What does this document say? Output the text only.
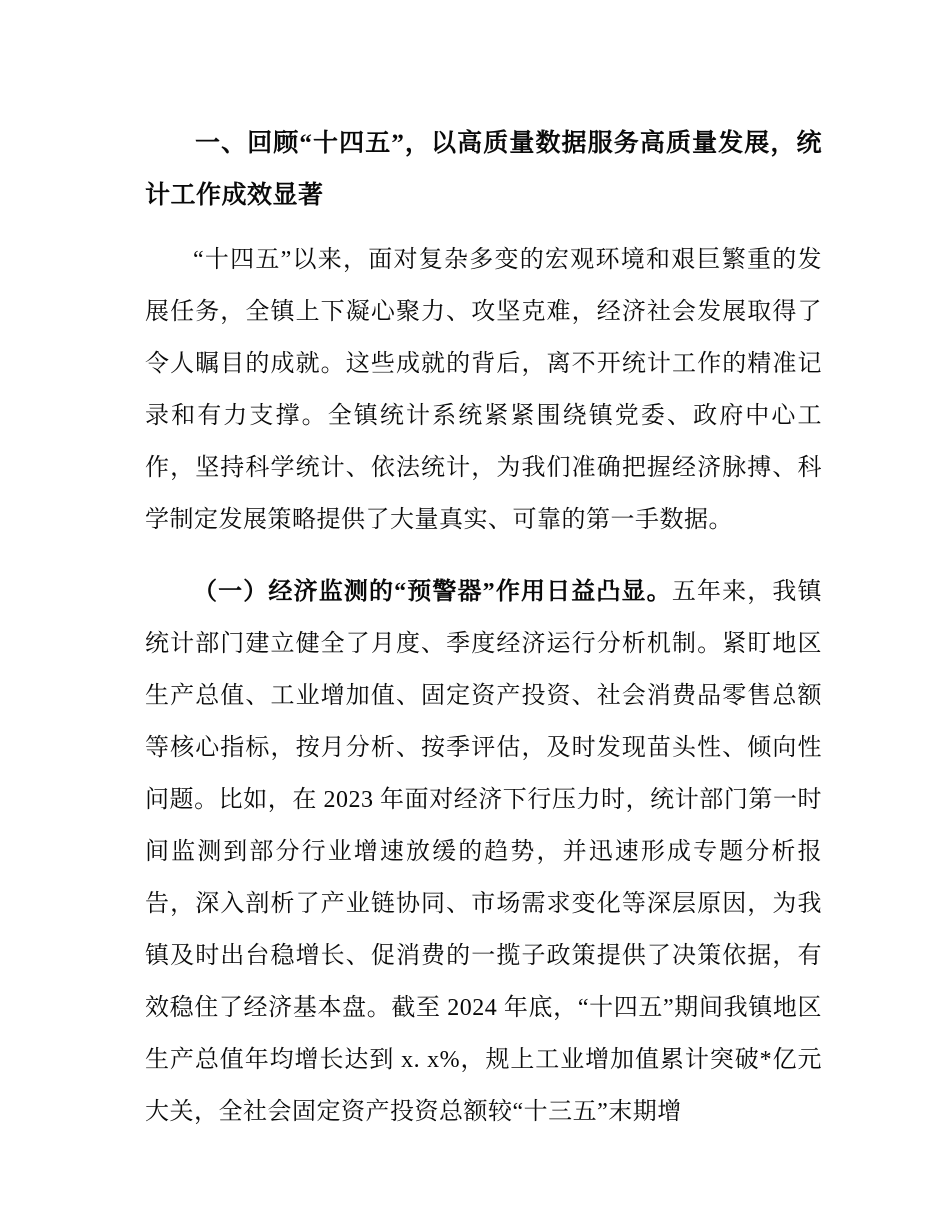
一、回顾“十四五”，以高质量数据服务高质量发展，统计工作成效显著

“十四五”以来，面对复杂多变的宏观环境和艰巨繁重的发展任务，全镇上下凝心聚力、攻坚克难，经济社会发展取得了令人瞩目的成就。这些成就的背后，离不开统计工作的精准记录和有力支撑。全镇统计系统紧紧围绕镇党委、政府中心工作，坚持科学统计、依法统计，为我们准确把握经济脉搏、科学制定发展策略提供了大量真实、可靠的第一手数据。

（一）经济监测的“预警器”作用日益凸显。五年来，我镇统计部门建立健全了月度、季度经济运行分析机制。紧盯地区生产总值、工业增加值、固定资产投资、社会消费品零售总额等核心指标，按月分析、按季评估，及时发现苗头性、倾向性问题。比如，在 2023 年面对经济下行压力时，统计部门第一时间监测到部分行业增速放缓的趋势，并迅速形成专题分析报告，深入剖析了产业链协同、市场需求变化等深层原因，为我镇及时出台稳增长、促消费的一揽子政策提供了决策依据，有效稳住了经济基本盘。截至 2024 年底，“十四五”期间我镇地区生产总值年均增长达到 x. x%，规上工业增加值累计突破*亿元大关，全社会固定资产投资总额较“十三五”末期增
